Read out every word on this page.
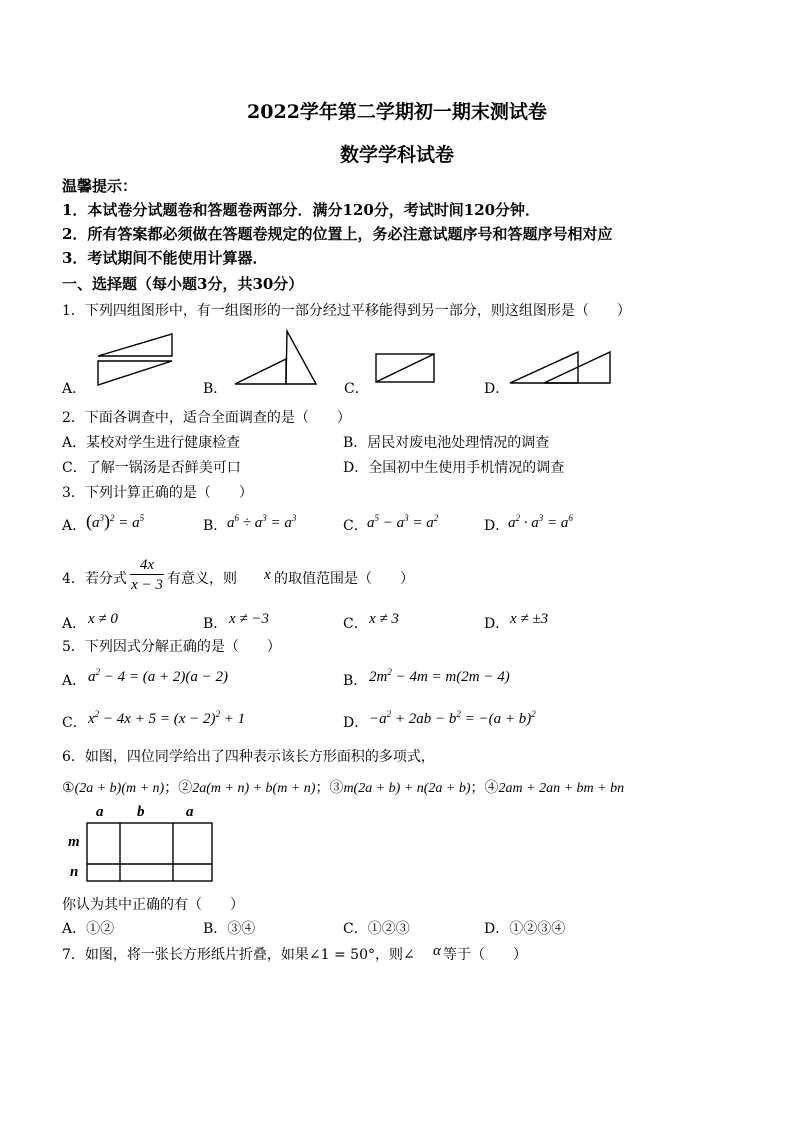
2022学年第二学期初一期末测试卷
数学学科试卷
温馨提示：
1．本试卷分试题卷和答题卷两部分．满分120分，考试时间120分钟．
2．所有答案都必须做在答题卷规定的位置上，务必注意试题序号和答题序号相对应
3．考试期间不能使用计算器．
一、选择题（每小题3分，共30分）
1．下列四组图形中，有一组图形的一部分经过平移能得到另一部分，则这组图形是（　　）
A．	B．	C．	D．
2．下面各调查中，适合全面调查的是（　　）
A．某校对学生进行健康检查	B．居民对废电池处理情况的调查
C．了解一锅汤是否鲜美可口	D．全国初中生使用手机情况的调查
3．下列计算正确的是（　　）
A． $(a^3)^2 = a^5$	B． $a^6 \div a^3 = a^3$	C． $a^5 - a^3 = a^2$	D．
$a^2 \cdot a^3 = a^6$
4．若分式
4x
x − 3 有意义，则 x 的取值范围是（　　）
A． x ≠ 0	B． x ≠ −3	C． x ≠ 3	D． x ≠ ±3
5．下列因式分解正确的是（　　）
A． $a^2 - 4 = (a + 2)(a - 2)$	B． $2m^2 - 4m = m(2m - 4)$
C． $x^2 - 4x + 5 = (x - 2)^2 + 1$	D． $-a^2 + 2ab - b^2 = -(a + b)^2$
6．如图，四位同学给出了四种表示该长方形面积的多项式，
①(2a + b)(m + n)；②2a(m + n) + b(m + n)；③m(2a + b) + n(2a + b)；④2am + 2an + bm + bn
a b	a
m
n
你认为其中正确的有（　　）
A．①②	B．③④	C．①②③	D．①②③④
7．如图，将一张长方形纸片折叠，如果∠1 = 50°，则∠ α 等于（　　）
